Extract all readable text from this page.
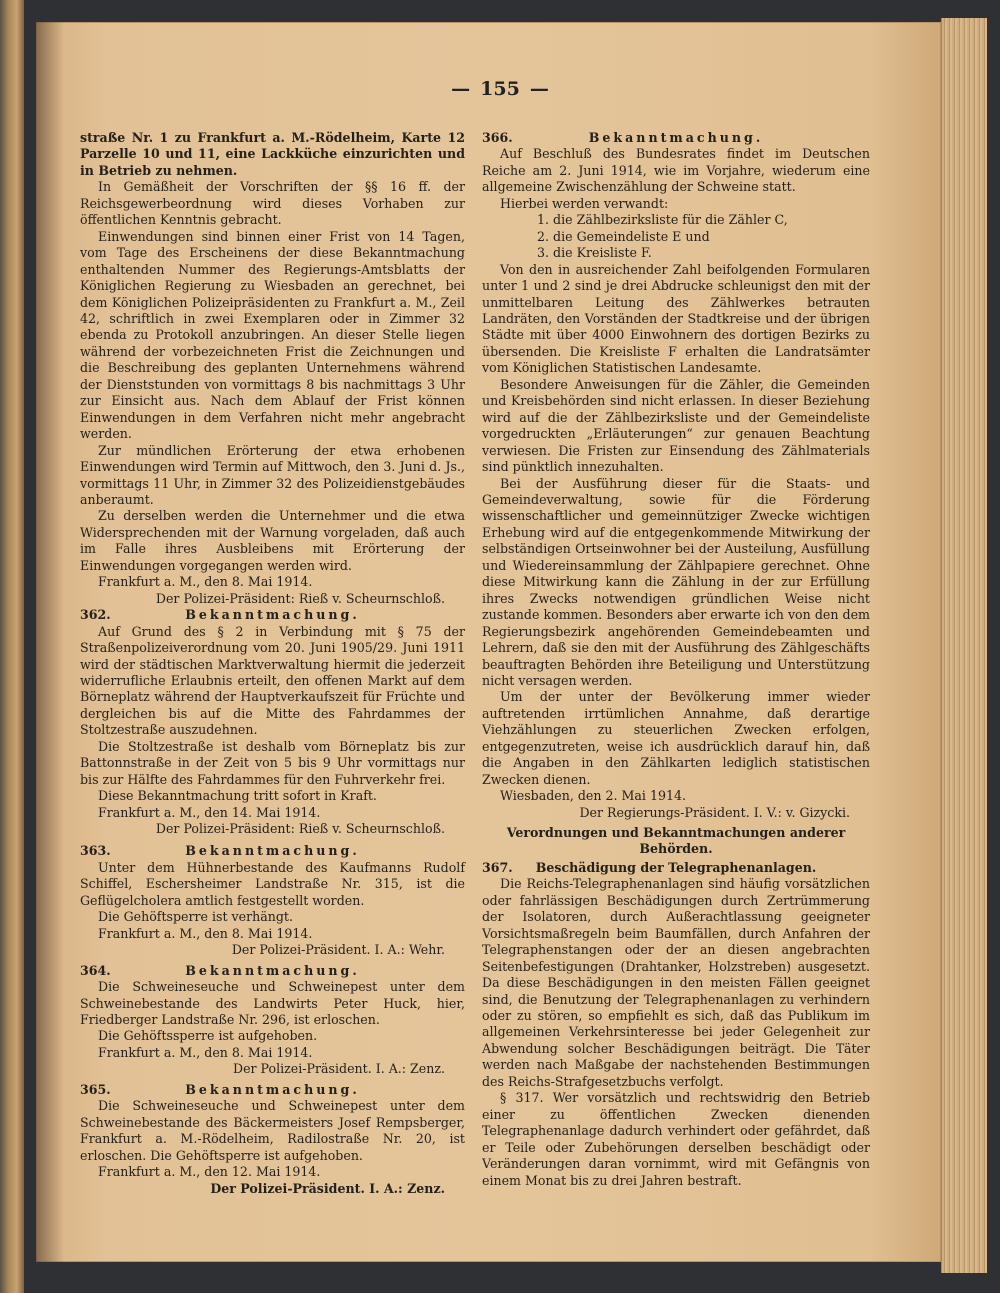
— 155 —

straße Nr. 1 zu Frankfurt a. M.-Rödelheim, Karte 12 Parzelle 10 und 11, eine Lackküche einzurichten und in Betrieb zu nehmen.

In Gemäßheit der Vorschriften der §§ 16 ff. der Reichsgewerbeordnung wird dieses Vorhaben zur öffentlichen Kenntnis gebracht.

Einwendungen sind binnen einer Frist von 14 Tagen, vom Tage des Erscheinens der diese Bekanntmachung enthaltenden Nummer des Regierungs-Amtsblatts der Königlichen Regierung zu Wiesbaden an gerechnet, bei dem Königlichen Polizeipräsidenten zu Frankfurt a. M., Zeil 42, schriftlich in zwei Exemplaren oder in Zimmer 32 ebenda zu Protokoll anzubringen. An dieser Stelle liegen während der vorbezeichneten Frist die Zeichnungen und die Beschreibung des geplanten Unternehmens während der Dienststunden von vormittags 8 bis nachmittags 3 Uhr zur Einsicht aus. Nach dem Ablauf der Frist können Einwendungen in dem Verfahren nicht mehr angebracht werden.

Zur mündlichen Erörterung der etwa erhobenen Einwendungen wird Termin auf Mittwoch, den 3. Juni d. Js., vormittags 11 Uhr, in Zimmer 32 des Polizeidienstgebäudes anberaumt.

Zu derselben werden die Unternehmer und die etwa Widersprechenden mit der Warnung vorgeladen, daß auch im Falle ihres Ausbleibens mit Erörterung der Einwendungen vorgegangen werden wird.

Frankfurt a. M., den 8. Mai 1914.

Der Polizei-Präsident: Rieß v. Scheurnschloß.

362.	Bekanntmachung.

Auf Grund des § 2 in Verbindung mit § 75 der Straßenpolizeiverordnung vom 20. Juni 1905/29. Juni 1911 wird der städtischen Marktverwaltung hiermit die jederzeit widerrufliche Erlaubnis erteilt, den offenen Markt auf dem Börneplatz während der Hauptverkaufszeit für Früchte und dergleichen bis auf die Mitte des Fahrdammes der Stoltzestraße auszudehnen.

Die Stoltzestraße ist deshalb vom Börneplatz bis zur Battonnstraße in der Zeit von 5 bis 9 Uhr vormittags nur bis zur Hälfte des Fahrdammes für den Fuhrverkehr frei.

Diese Bekanntmachung tritt sofort in Kraft.

Frankfurt a. M., den 14. Mai 1914.

Der Polizei-Präsident: Rieß v. Scheurnschloß.

363.	Bekanntmachung.

Unter dem Hühnerbestande des Kaufmanns Rudolf Schiffel, Eschersheimer Landstraße Nr. 315, ist die Geflügelcholera amtlich festgestellt worden.

Die Gehöftsperre ist verhängt.

Frankfurt a. M., den 8. Mai 1914.

Der Polizei-Präsident. I. A.: Wehr.

364.	Bekanntmachung.

Die Schweineseuche und Schweinepest unter dem Schweinebestande des Landwirts Peter Huck, hier, Friedberger Landstraße Nr. 296, ist erloschen.

Die Gehöftssperre ist aufgehoben.

Frankfurt a. M., den 8. Mai 1914.

Der Polizei-Präsident. I. A.: Zenz.

365.	Bekanntmachung.

Die Schweineseuche und Schweinepest unter dem Schweinebestande des Bäckermeisters Josef Rempsberger, Frankfurt a. M.-Rödelheim, Radilostraße Nr. 20, ist erloschen. Die Gehöftsperre ist aufgehoben.

Frankfurt a. M., den 12. Mai 1914.

Der Polizei-Präsident. I. A.: Zenz.

366.	Bekanntmachung.

Auf Beschluß des Bundesrates findet im Deutschen Reiche am 2. Juni 1914, wie im Vorjahre, wiederum eine allgemeine Zwischenzählung der Schweine statt.

Hierbei werden verwandt:

1. die Zählbezirksliste für die Zähler C,

2. die Gemeindeliste E und

3. die Kreisliste F.

Von den in ausreichender Zahl beifolgenden Formularen unter 1 und 2 sind je drei Abdrucke schleunigst den mit der unmittelbaren Leitung des Zählwerkes betrauten Landräten, den Vorständen der Stadtkreise und der übrigen Städte mit über 4000 Einwohnern des dortigen Bezirks zu übersenden. Die Kreisliste F erhalten die Landratsämter vom Königlichen Statistischen Landesamte.

Besondere Anweisungen für die Zähler, die Gemeinden und Kreisbehörden sind nicht erlassen. In dieser Beziehung wird auf die der Zählbezirksliste und der Gemeindeliste vorgedruckten „Erläuterungen“ zur genauen Beachtung verwiesen. Die Fristen zur Einsendung des Zählmaterials sind pünktlich innezuhalten.

Bei der Ausführung dieser für die Staats- und Gemeindeverwaltung, sowie für die Förderung wissenschaftlicher und gemeinnütziger Zwecke wichtigen Erhebung wird auf die entgegenkommende Mitwirkung der selbständigen Ortseinwohner bei der Austeilung, Ausfüllung und Wiedereinsammlung der Zählpapiere gerechnet. Ohne diese Mitwirkung kann die Zählung in der zur Erfüllung ihres Zwecks notwendigen gründlichen Weise nicht zustande kommen. Besonders aber erwarte ich von den dem Regierungsbezirk angehörenden Gemeindebeamten und Lehrern, daß sie den mit der Ausführung des Zählgeschäfts beauftragten Behörden ihre Beteiligung und Unterstützung nicht versagen werden.

Um der unter der Bevölkerung immer wieder auftretenden irrtümlichen Annahme, daß derartige Viehzählungen zu steuerlichen Zwecken erfolgen, entgegenzutreten, weise ich ausdrücklich darauf hin, daß die Angaben in den Zählkarten lediglich statistischen Zwecken dienen.

Wiesbaden, den 2. Mai 1914.

Der Regierungs-Präsident. I. V.: v. Gizycki.

Verordnungen und Bekanntmachungen anderer Behörden.

367.	Beschädigung der Telegraphenanlagen.

Die Reichs-Telegraphenanlagen sind häufig vorsätzlichen oder fahrlässigen Beschädigungen durch Zertrümmerung der Isolatoren, durch Außerachtlassung geeigneter Vorsichtsmaßregeln beim Baumfällen, durch Anfahren der Telegraphenstangen oder der an diesen angebrachten Seitenbefestigungen (Drahtanker, Holzstreben) ausgesetzt. Da diese Beschädigungen in den meisten Fällen geeignet sind, die Benutzung der Telegraphenanlagen zu verhindern oder zu stören, so empfiehlt es sich, daß das Publikum im allgemeinen Verkehrsinteresse bei jeder Gelegenheit zur Abwendung solcher Beschädigungen beiträgt. Die Täter werden nach Maßgabe der nachstehenden Bestimmungen des Reichs-Strafgesetzbuchs verfolgt.

§ 317. Wer vorsätzlich und rechtswidrig den Betrieb einer zu öffentlichen Zwecken dienenden Telegraphenanlage dadurch verhindert oder gefährdet, daß er Teile oder Zubehörungen derselben beschädigt oder Veränderungen daran vornimmt, wird mit Gefängnis von einem Monat bis zu drei Jahren bestraft.
